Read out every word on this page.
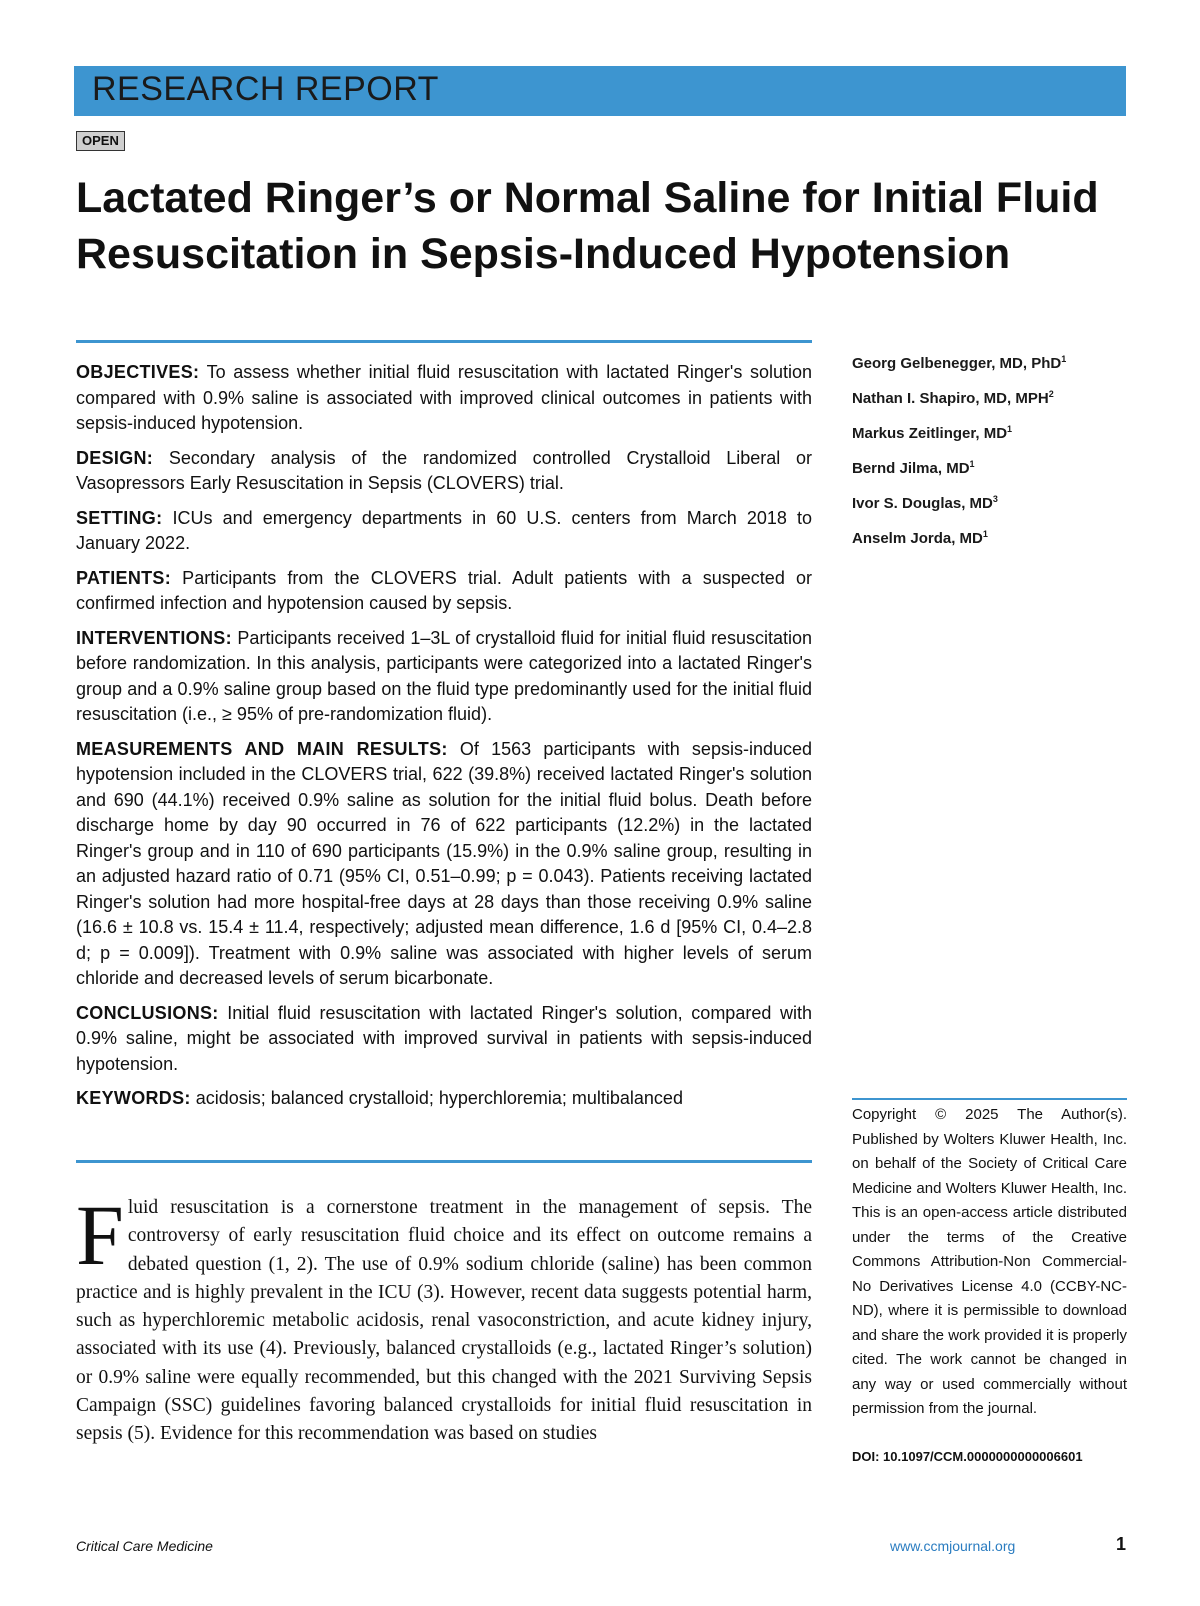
RESEARCH REPORT
OPEN
Lactated Ringer’s or Normal Saline for Initial Fluid Resuscitation in Sepsis-Induced Hypotension

OBJECTIVES: To assess whether initial fluid resuscitation with lactated Ringer's solution compared with 0.9% saline is associated with improved clinical outcomes in patients with sepsis-induced hypotension.

DESIGN: Secondary analysis of the randomized controlled Crystalloid Liberal or Vasopressors Early Resuscitation in Sepsis (CLOVERS) trial.

SETTING: ICUs and emergency departments in 60 U.S. centers from March 2018 to January 2022.

PATIENTS: Participants from the CLOVERS trial. Adult patients with a suspected or confirmed infection and hypotension caused by sepsis.

INTERVENTIONS: Participants received 1–3L of crystalloid fluid for initial fluid resuscitation before randomization. In this analysis, participants were categorized into a lactated Ringer's group and a 0.9% saline group based on the fluid type predominantly used for the initial fluid resuscitation (i.e., ≥ 95% of pre-randomization fluid).

MEASUREMENTS AND MAIN RESULTS: Of 1563 participants with sepsis-induced hypotension included in the CLOVERS trial, 622 (39.8%) received lactated Ringer's solution and 690 (44.1%) received 0.9% saline as solution for the initial fluid bolus. Death before discharge home by day 90 occurred in 76 of 622 participants (12.2%) in the lactated Ringer's group and in 110 of 690 participants (15.9%) in the 0.9% saline group, resulting in an adjusted hazard ratio of 0.71 (95% CI, 0.51–0.99; p = 0.043). Patients receiving lactated Ringer's solution had more hospital-free days at 28 days than those receiving 0.9% saline (16.6 ± 10.8 vs. 15.4 ± 11.4, respectively; adjusted mean difference, 1.6 d [95% CI, 0.4–2.8 d; p = 0.009]). Treatment with 0.9% saline was associated with higher levels of serum chloride and decreased levels of serum bicarbonate.

CONCLUSIONS: Initial fluid resuscitation with lactated Ringer's solution, compared with 0.9% saline, might be associated with improved survival in patients with sepsis-induced hypotension.

KEYWORDS: acidosis; balanced crystalloid; hyperchloremia; multibalanced

Georg Gelbenegger, MD, PhD$^1$
Nathan I. Shapiro, MD, MPH$^2$
Markus Zeitlinger, $MD^1$
Bernd Jilma, $MD^1$
Ivor S. Douglas, $MD^3$
Anselm Jorda, $MD^1$

Fluid resuscitation is a cornerstone treatment in the management of sepsis. The controversy of early resuscitation fluid choice and its effect on outcome remains a debated question (1, 2). The use of 0.9% sodium chloride (saline) has been common practice and is highly prevalent in the ICU (3). However, recent data suggests potential harm, such as hyperchloremic metabolic acidosis, renal vasoconstriction, and acute kidney injury, associated with its use (4). Previously, balanced crystalloids (e.g., lactated Ringer’s solution) or 0.9% saline were equally recommended, but this changed with the 2021 Surviving Sepsis Campaign (SSC) guidelines favoring balanced crystalloids for initial fluid resuscitation in sepsis (5). Evidence for this recommendation was based on studies

Copyright © 2025 The Author(s). Published by Wolters Kluwer Health, Inc. on behalf of the Society of Critical Care Medicine and Wolters Kluwer Health, Inc. This is an open-access article distributed under the terms of the Creative Commons Attribution-Non Commercial-No Derivatives License 4.0 (CCBY-NC-ND), where it is permissible to download and share the work provided it is properly cited. The work cannot be changed in any way or used commercially without permission from the journal.

DOI: 10.1097/CCM.0000000000006601
Critical Care Medicine	www.ccmjournal.org	1
